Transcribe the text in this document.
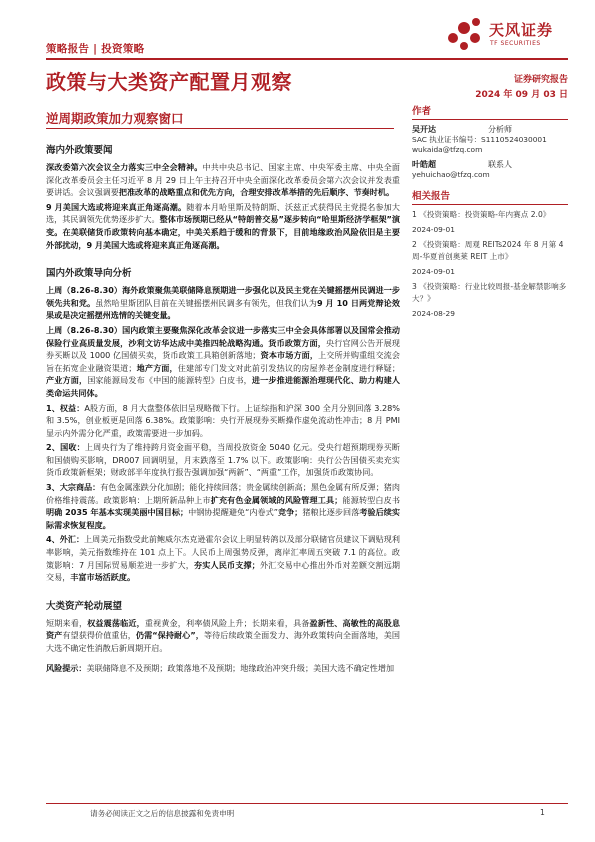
策略报告 | 投资策略
天风证券
TF SECURITIES
政策与大类资产配置月观察	证券研究报告
2024 年 09 月 03 日
逆周期政策加力观察窗口
海内外政策要闻

深改委第六次会议全力落实三中全会精神。中共中央总书记、国家主席、中央军委主席、中央全面深化改革委员会主任习近平 8 月 29 日上午主持召开中央全面深化改革委员会第六次会议并发表重要讲话。会议强调要把准改革的战略重点和优先方向，合理安排改革举措的先后顺序、节奏时机。

9 月美国大选或将迎来真正角逐高潮。随着本月哈里斯及特朗斯、沃兹正式获得民主党提名参加大选，其民调领先优势逐步扩大。整体市场预期已经从“特朗普交易”逐步转向“哈里斯经济学框架”演变。在美联储货币政策转向基本确定，中美关系趋于缓和的背景下，目前地缘政治风险依旧是主要外部扰动，9 月美国大选或将迎来真正角逐高潮。

国内外政策导向分析

上周（8.26-8.30）海外政策聚焦美联储降息预期进一步强化以及民主党在关键摇摆州民调进一步领先共和党。虽然哈里斯团队目前在关键摇摆州民调多有领先，但我们认为9 月 10 日两党辩论效果或是决定摇摆州选情的关键变量。

上周（8.26-8.30）国内政策主要聚焦深化改革会议进一步落实三中全会具体部署以及国常会推动保险行业高质量发展，沙利文访华达成中美推四轮战略沟通。货币政策方面，央行官网公告开展现券买断以及 1000 亿国债买卖，货币政策工具箱创新落地；资本市场方面，上交所并购重组交流会旨在拓宽企业融资渠道；地产方面，住建部专门发文对此前引发热议的房屋养老金制度进行释疑；产业方面，国家能源局发布《中国的能源转型》白皮书，进一步推进能源治理现代化、助力构建人类命运共同体。

1、权益：A股方面，8 月大盘整体依旧呈现略微下行。上证综指和沪深 300 全月分别回落 3.28% 和 3.5%，创业板更是回落 6.38%。政策影响：央行开展现券买断操作虚免流动性冲击；8 月 PMI 显示内外需分化严重，政策需要进一步加码。

2、国收：上周央行为了维持跨月资金面平稳，当周投放资金 5040 亿元。受央行超预期现券买断和国债购买影响，DR007 回调明显，月末跌落至 1.7% 以下。政策影响：央行公告国债买卖充实货币政策新框架；财政部半年度执行报告强调加强“两新”、“两重”工作，加强货币政策协同。

3、大宗商品：有色金属涨跌分化加剧；能化持续回落；贵金属续创新高；黑色金属有所反弹；猪肉价格维持震荡。政策影响：上期所新品种上市扩充有色金属领域的风险管理工具；能源转型白皮书明确 2035 年基本实现美丽中国目标；中钢协提醒避免“内卷式”竞争；猪粮比逐步回落考验后续实际需求恢复程度。

4、外汇：上周美元指数受此前鲍威尔杰克逊霍尔会议上明显转鸽以及部分联储官员建议下调贴现利率影响，美元指数维持在 101 点上下。人民币上周强势反弹，离岸汇率周五突破 7.1 的高位。政策影响：7 月国际贸易顺差进一步扩大，夯实人民币支撑；外汇交易中心推出外币对差额交割远期交易，丰富市场活跃度。

大类资产轮动展望

短期来看，权益震荡临近，重视黄金，利率债风险上升；长期来看，具备盈新性、高敏性的高股息资产有望获得价值重估，仍需“保持耐心”，等待后续政策全面发力、海外政策转向全面落地，美国大选不确定性消散后新周期开启。

风险提示：美联储降息不及预期；政策落地不及预期；地缘政治冲突升级；美国大选不确定性增加

作者
吴开达	分析师
SAC 执业证书编号：S1110524030001
wukaida@tfzq.com
叶皓超	联系人
yehuichao@tfzq.com
相关报告
1 《投资策略：投资策略-年内赛点 2.0》
2024-09-01
2 《投资策略：周观 REITs2024 年 8 月第 4 周-华夏首创奥莱 REIT 上市》
2024-09-01
3 《投资策略：行业比较周报-基金解禁影响多大？》
2024-08-29
请务必阅读正文之后的信息披露和免责申明	1
